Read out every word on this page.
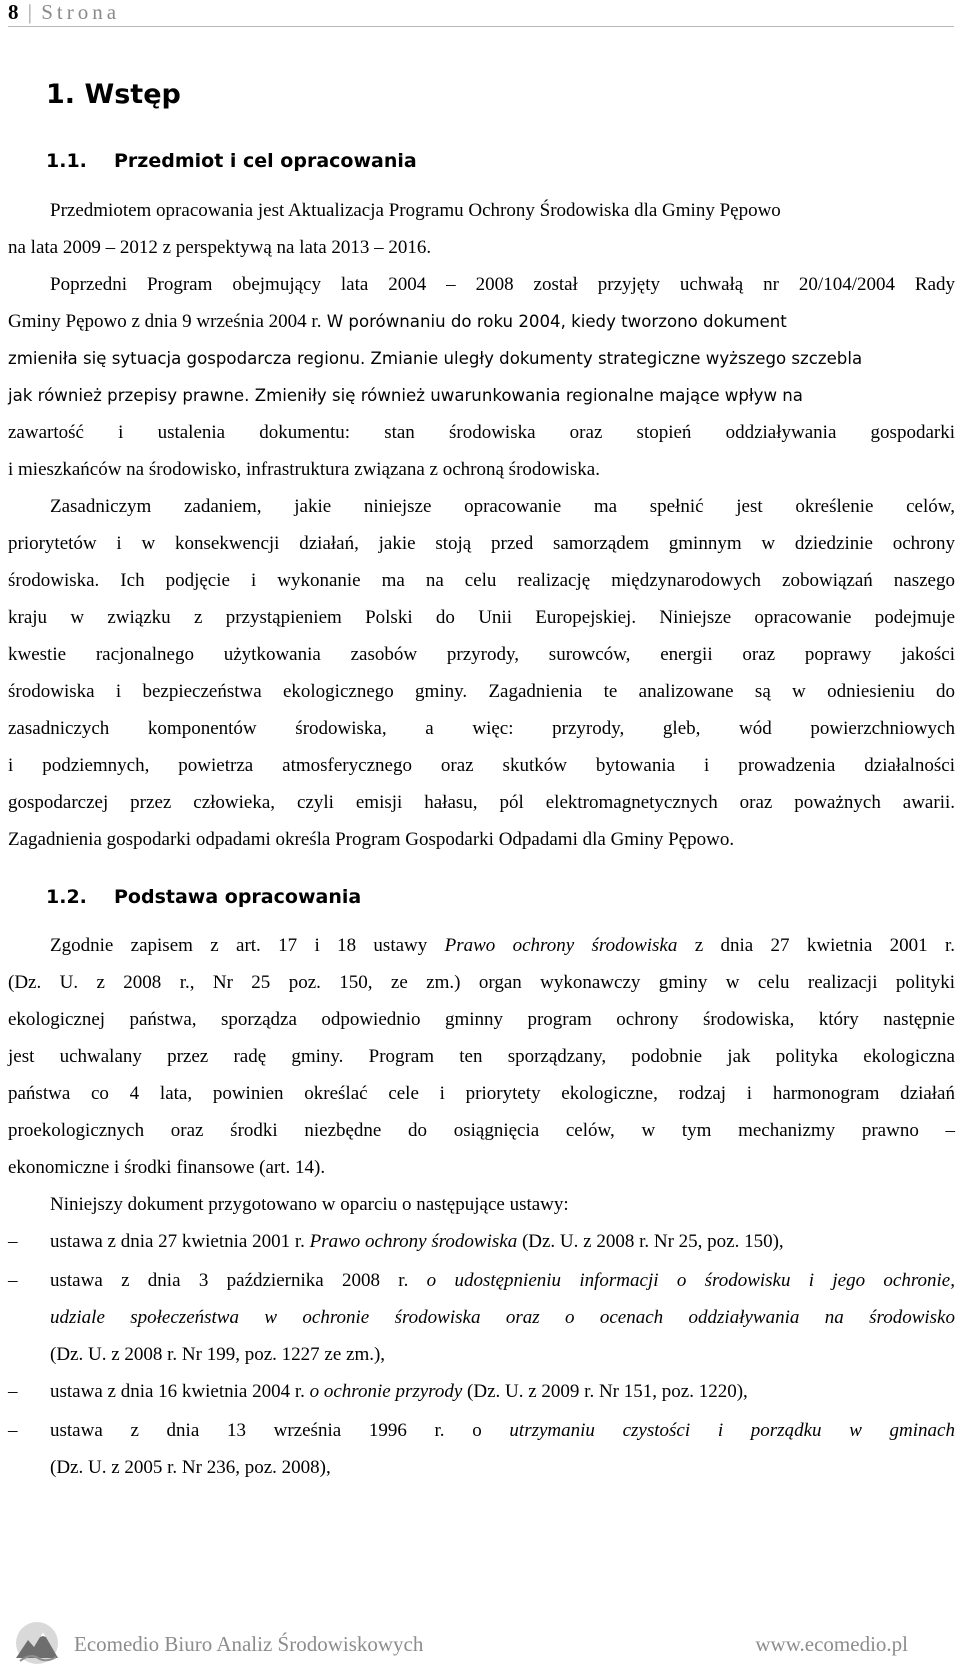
8 | Strona
1. Wstęp
1.1. Przedmiot i cel opracowania
Przedmiotem opracowania jest Aktualizacja Programu Ochrony Środowiska dla Gminy Pępowo
na lata 2009 – 2012 z perspektywą na lata 2013 – 2016.
Poprzedni Program obejmujący lata 2004 – 2008 został przyjęty uchwałą nr 20/104/2004 Rady
Gminy Pępowo z dnia 9 września 2004 r. W porównaniu do roku 2004, kiedy tworzono dokument
zmieniła się sytuacja gospodarcza regionu. Zmianie uległy dokumenty strategiczne wyższego szczebla
jak również przepisy prawne. Zmieniły się również uwarunkowania regionalne mające wpływ na
zawartość i ustalenia dokumentu: stan środowiska oraz stopień oddziaływania gospodarki
i mieszkańców na środowisko, infrastruktura związana z ochroną środowiska.
Zasadniczym zadaniem, jakie niniejsze opracowanie ma spełnić jest określenie celów,
priorytetów i w konsekwencji działań, jakie stoją przed samorządem gminnym w dziedzinie ochrony
środowiska. Ich podjęcie i wykonanie ma na celu realizację międzynarodowych zobowiązań naszego
kraju w związku z przystąpieniem Polski do Unii Europejskiej. Niniejsze opracowanie podejmuje
kwestie racjonalnego użytkowania zasobów przyrody, surowców, energii oraz poprawy jakości
środowiska i bezpieczeństwa ekologicznego gminy. Zagadnienia te analizowane są w odniesieniu do
zasadniczych komponentów środowiska, a więc: przyrody, gleb, wód powierzchniowych
i podziemnych, powietrza atmosferycznego oraz skutków bytowania i prowadzenia działalności
gospodarczej przez człowieka, czyli emisji hałasu, pól elektromagnetycznych oraz poważnych awarii.
Zagadnienia gospodarki odpadami określa Program Gospodarki Odpadami dla Gminy Pępowo.
1.2. Podstawa opracowania
Zgodnie zapisem z art. 17 i 18 ustawy Prawo ochrony środowiska z dnia 27 kwietnia 2001 r.
(Dz. U. z 2008 r., Nr 25 poz. 150, ze zm.) organ wykonawczy gminy w celu realizacji polityki
ekologicznej państwa, sporządza odpowiednio gminny program ochrony środowiska, który następnie
jest uchwalany przez radę gminy. Program ten sporządzany, podobnie jak polityka ekologiczna
państwa co 4 lata, powinien określać cele i priorytety ekologiczne, rodzaj i harmonogram działań
proekologicznych oraz środki niezbędne do osiągnięcia celów, w tym mechanizmy prawno –
ekonomiczne i środki finansowe (art. 14).
Niniejszy dokument przygotowano w oparciu o następujące ustawy:
–	ustawa z dnia 27 kwietnia 2001 r. Prawo ochrony środowiska (Dz. U. z 2008 r. Nr 25, poz. 150),
–	ustawa z dnia 3 października 2008 r. o udostępnieniu informacji o środowisku i jego ochronie,
udziale społeczeństwa w ochronie środowiska oraz o ocenach oddziaływania na środowisko
(Dz. U. z 2008 r. Nr 199, poz. 1227 ze zm.),
–	ustawa z dnia 16 kwietnia 2004 r. o ochronie przyrody (Dz. U. z 2009 r. Nr 151, poz. 1220),
–	ustawa z dnia 13 września 1996 r. o utrzymaniu czystości i porządku w gminach
(Dz. U. z 2005 r. Nr 236, poz. 2008),
Ecomedio Biuro Analiz Środowiskowych	www.ecomedio.pl
